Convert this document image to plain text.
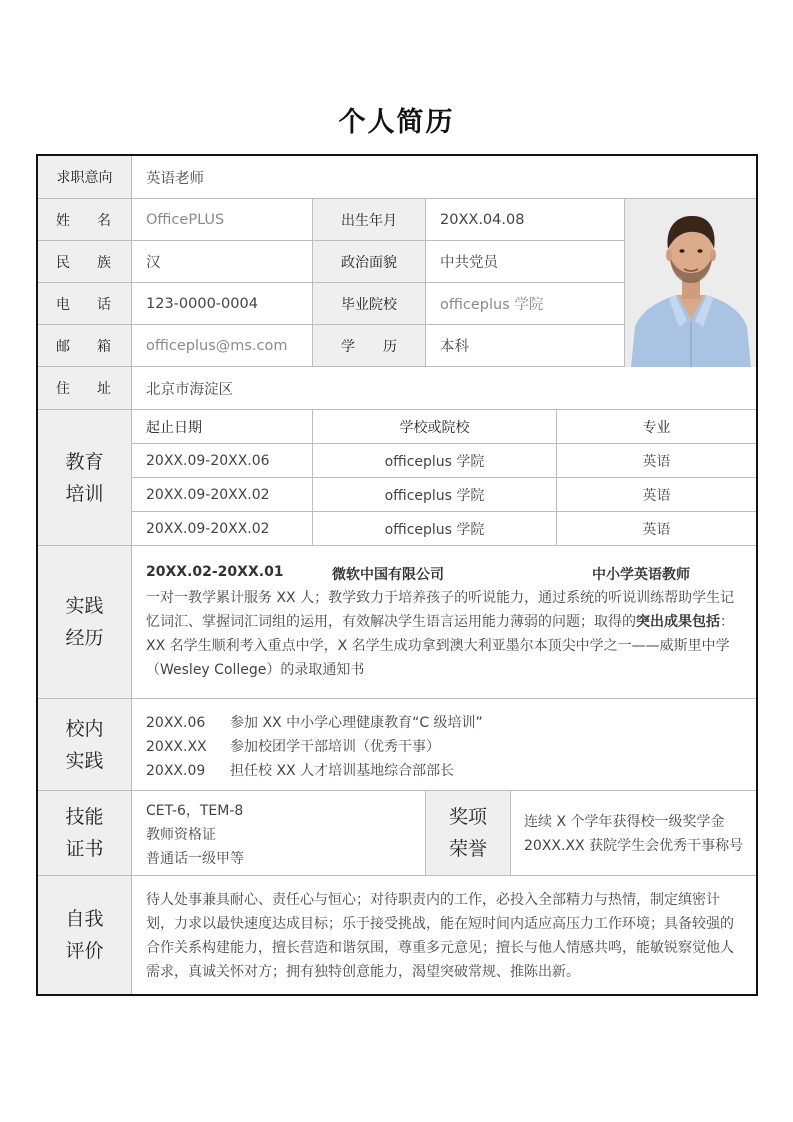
个人简历
求职意向	英语老师
姓 名 OfficePLUS	出生年月	20XX.04.08
民 族 汉	政治面貌	中共党员
电 话 123-0000-0004	毕业院校	officeplus 学院
邮 箱 officeplus@ms.com	学 历	本科
住 址 北京市海淀区
教育
培训
起止日期	学校或院校	专业
20XX.09-20XX.06	officeplus 学院	英语
20XX.09-20XX.02	officeplus 学院	英语
20XX.09-20XX.02	officeplus 学院	英语
实践
经历
20XX.02-20XX.01	微软中国有限公司	中小学英语教师
一对一教学累计服务 XX 人；教学致力于培养孩子的听说能力，通过系统的听说训练帮助学生记忆词汇、掌握词汇词组的运用，有效解决学生语言运用能力薄弱的问题；取得的突出成果包括：XX 名学生顺利考入重点中学，X 名学生成功拿到澳大利亚墨尔本顶尖中学之一——威斯里中学（Wesley College）的录取通知书
校内
实践
20XX.06 参加 XX 中小学心理健康教育“C 级培训”
20XX.XX 参加校团学干部培训（优秀干事）
20XX.09 担任校 XX 人才培训基地综合部部长
技能
证书
CET-6，TEM-8
教师资格证
普通话一级甲等
奖项
荣誉
连续 X 个学年获得校一级奖学金
20XX.XX 获院学生会优秀干事称号
自我
评价
待人处事兼具耐心、责任心与恒心；对待职责内的工作，必投入全部精力与热情，制定缜密计划，力求以最快速度达成目标；乐于接受挑战，能在短时间内适应高压力工作环境；具备较强的合作关系构建能力，擅长营造和谐氛围，尊重多元意见；擅长与他人情感共鸣，能敏锐察觉他人需求，真诚关怀对方；拥有独特创意能力，渴望突破常规、推陈出新。
